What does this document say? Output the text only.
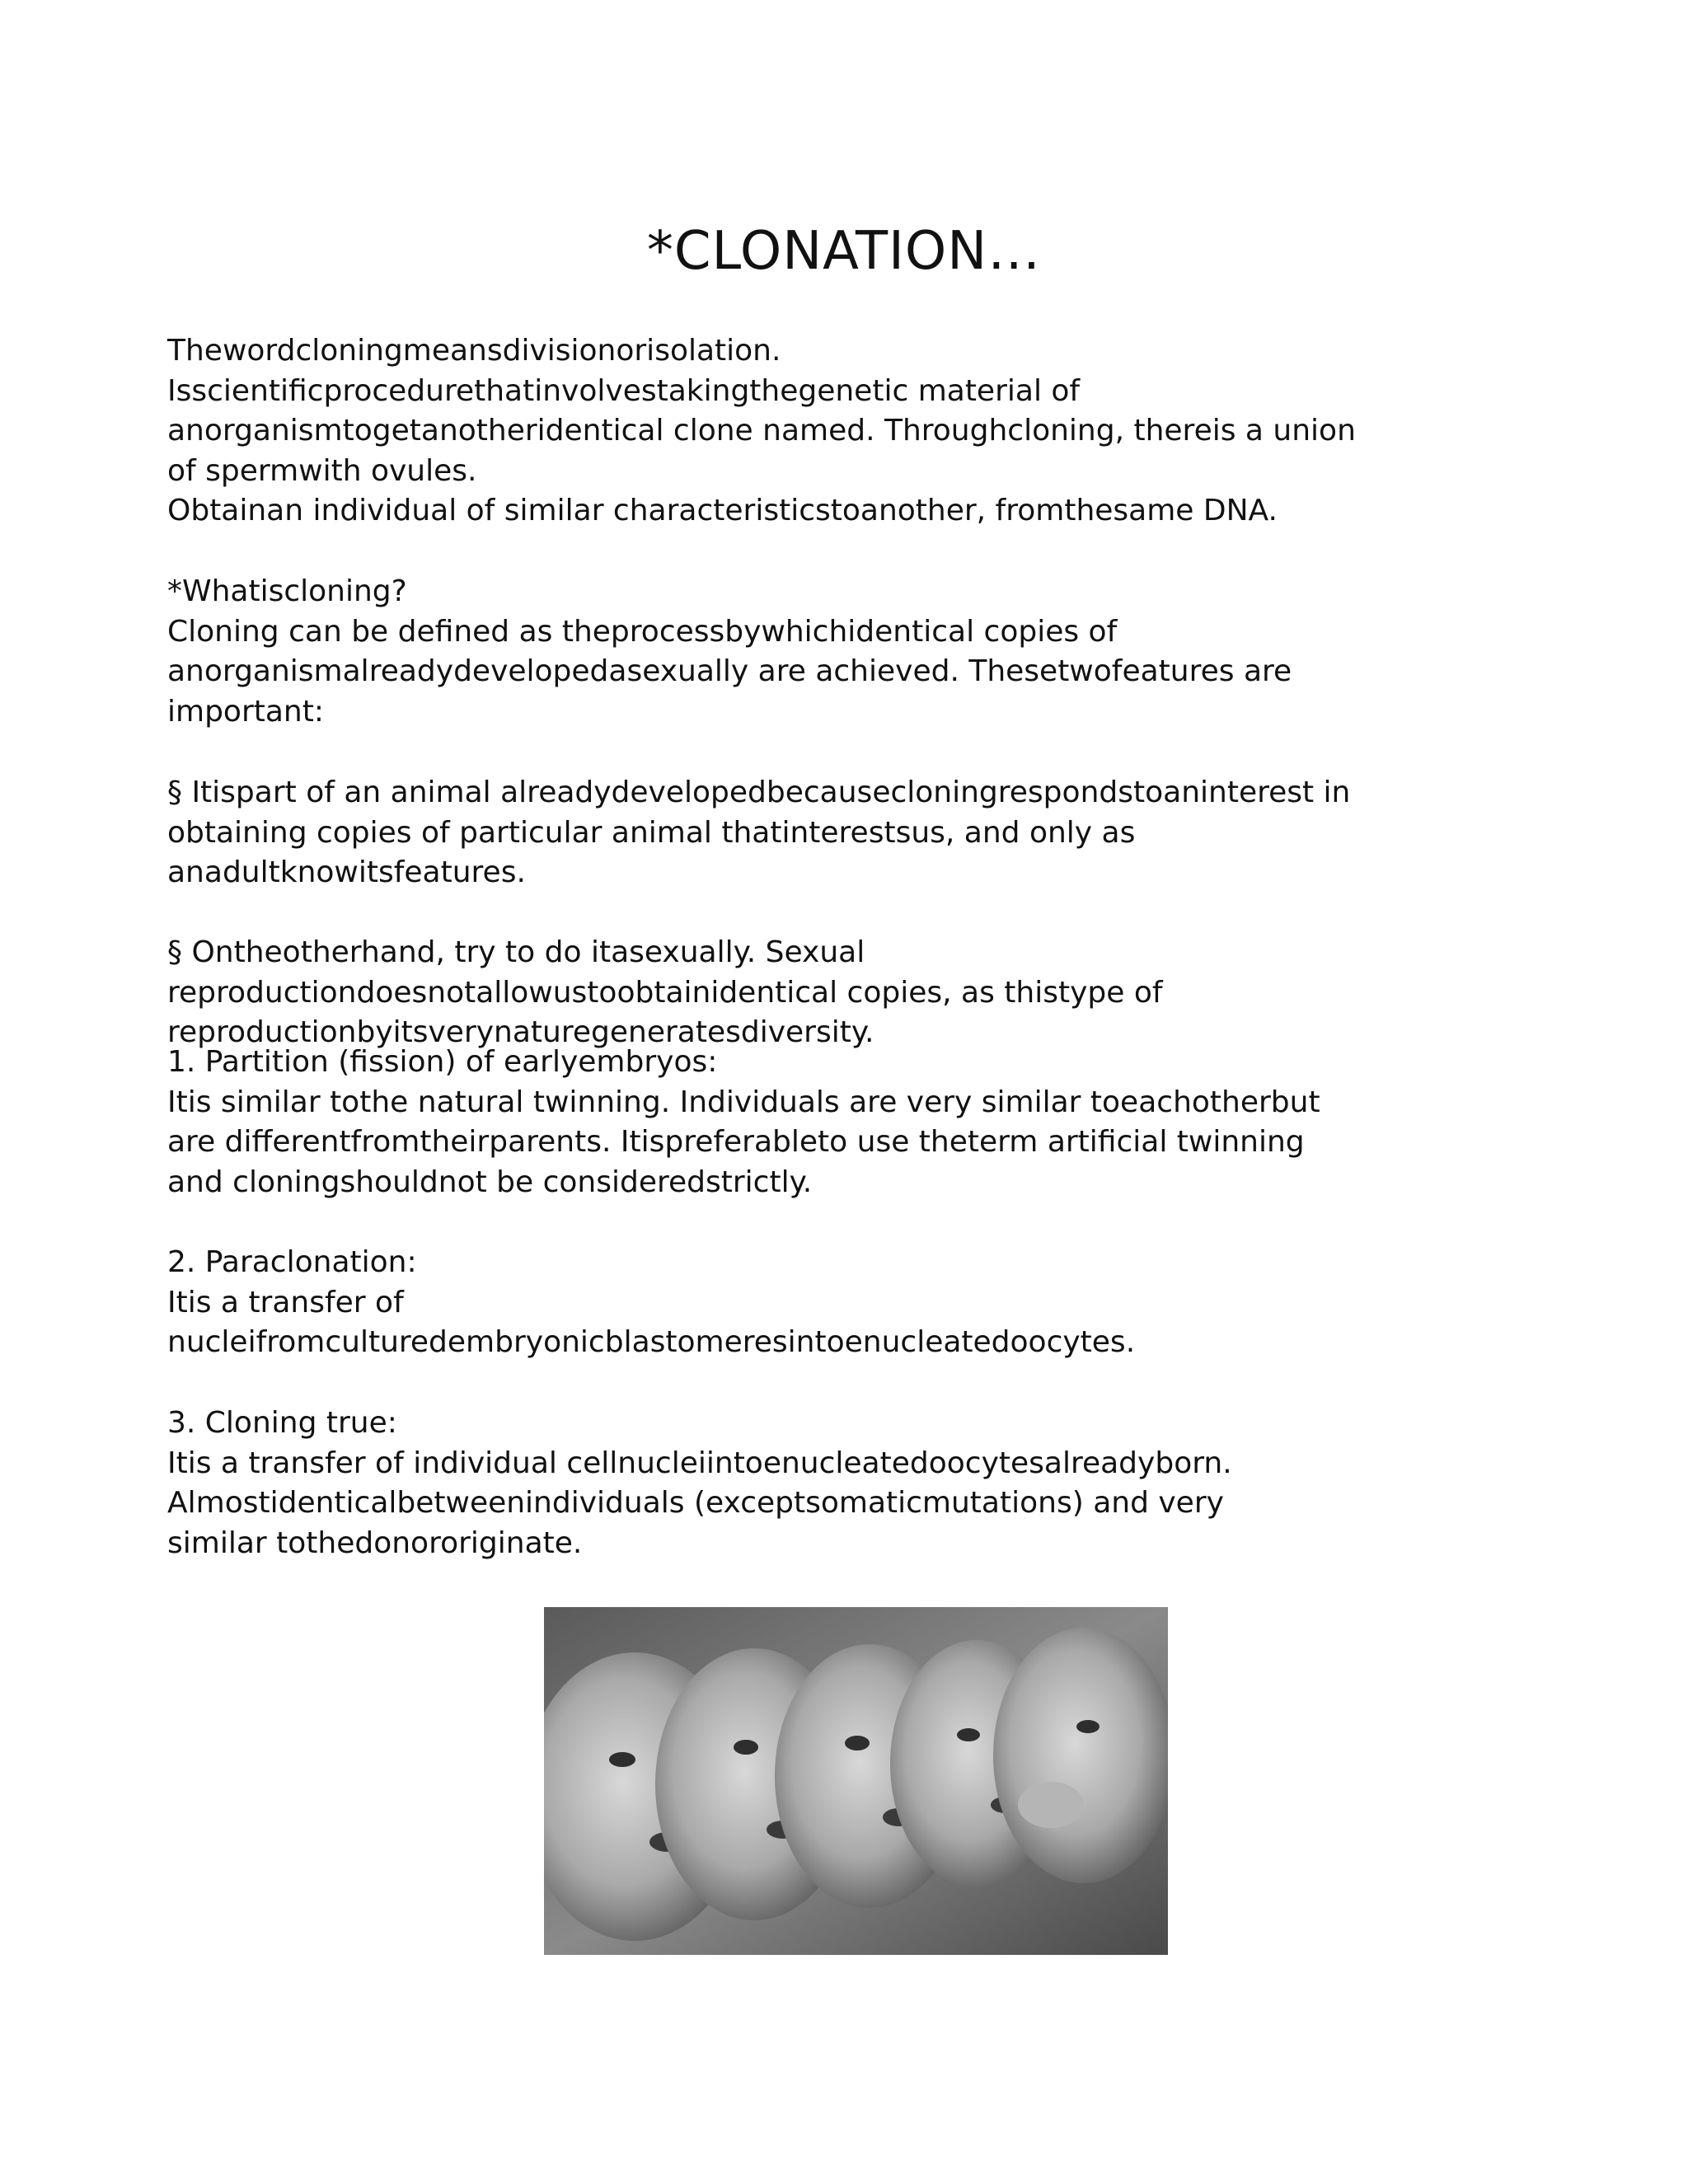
*CLONATION…
Thewordcloningmeansdivisionorisolation.
Isscientificprocedurethatinvolvestakingthegenetic material of
anorganismtogetanotheridentical clone named. Throughcloning, thereis a union
of spermwith ovules.
Obtainan individual of similar characteristicstoanother, fromthesame DNA.
*Whatiscloning?
Cloning can be defined as theprocessbywhichidentical copies of
anorganismalreadydevelopedasexually are achieved. Thesetwofeatures are
important:
§ Itispart of an animal alreadydevelopedbecausecloningrespondstoaninterest in
obtaining copies of particular animal thatinterestsus, and only as
anadultknowitsfeatures.
§ Ontheotherhand, try to do itasexually. Sexual
reproductiondoesnotallowustoobtainidentical copies, as thistype of
reproductionbyitsverynaturegeneratesdiversity.
1. Partition (fission) of earlyembryos:
Itis similar tothe natural twinning. Individuals are very similar toeachotherbut
are differentfromtheirparents. Itispreferableto use theterm artificial twinning
and cloningshouldnot be consideredstrictly.
2. Paraclonation:
Itis a transfer of
nucleifromculturedembryonicblastomeresintoenucleatedoocytes.
3. Cloning true:
Itis a transfer of individual cellnucleiintoenucleatedoocytesalreadyborn.
Almostidenticalbetweenindividuals (exceptsomaticmutations) and very
similar tothedonororiginate.
